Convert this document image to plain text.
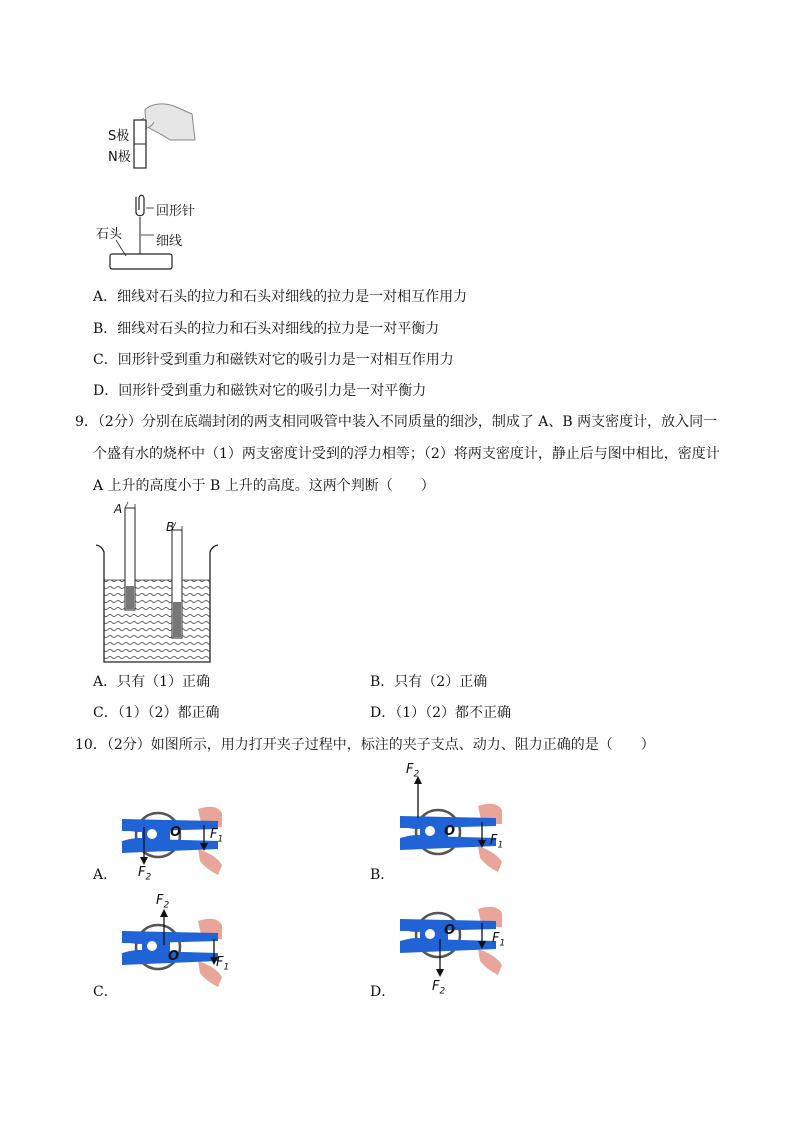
S极
N极
回形针
石头	细线
A．细线对石头的拉力和石头对细线的拉力是一对相互作用力
B．细线对石头的拉力和石头对细线的拉力是一对平衡力
C．回形针受到重力和磁铁对它的吸引力是一对相互作用力
D．回形针受到重力和磁铁对它的吸引力是一对平衡力
9．（2分）分别在底端封闭的两支相同吸管中装入不同质量的细沙，制成了 A、B 两支密度计，放入同一
个盛有水的烧杯中（1）两支密度计受到的浮力相等；（2）将两支密度计，静止后与图中相比，密度计
A 上升的高度小于 B 上升的高度。这两个判断（　　）
A
B
A．只有（1）正确	B．只有（2）正确
C．（1）（2）都正确	D．（1）（2）都不正确
10．（2分）如图所示，用力打开夹子过程中，标注的夹子支点、动力、阻力正确的是（　　）
A．	B．
C．	D．
O $F_1$
$F_2$
O
$F_1$
$F_2$
O	$F_1$
$F_2$
O
$F_1$
$F_2$
